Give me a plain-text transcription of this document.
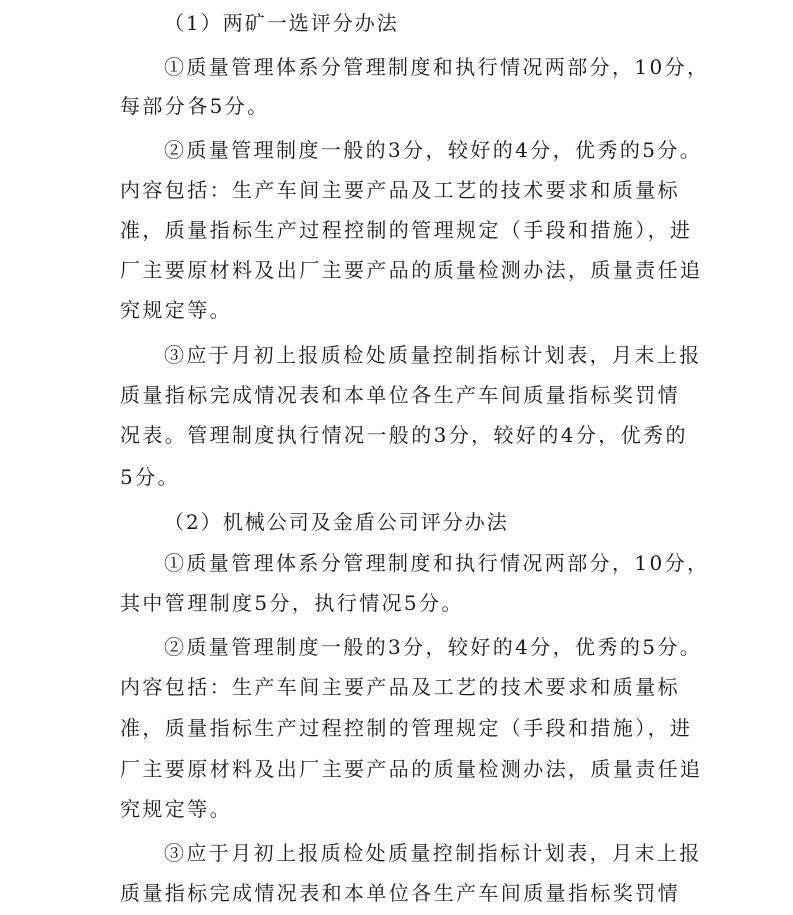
（1）两矿一选评分办法
①质量管理体系分管理制度和执行情况两部分，10分，
每部分各5分。
②质量管理制度一般的3分，较好的4分，优秀的5分。
内容包括：生产车间主要产品及工艺的技术要求和质量标
准，质量指标生产过程控制的管理规定（手段和措施），进
厂主要原材料及出厂主要产品的质量检测办法，质量责任追
究规定等。
③应于月初上报质检处质量控制指标计划表，月末上报
质量指标完成情况表和本单位各生产车间质量指标奖罚情
况表。管理制度执行情况一般的3分，较好的4分，优秀的
5分。
（2）机械公司及金盾公司评分办法
①质量管理体系分管理制度和执行情况两部分，10分，
其中管理制度5分，执行情况5分。
②质量管理制度一般的3分，较好的4分，优秀的5分。
内容包括：生产车间主要产品及工艺的技术要求和质量标
准，质量指标生产过程控制的管理规定（手段和措施），进
厂主要原材料及出厂主要产品的质量检测办法，质量责任追
究规定等。
③应于月初上报质检处质量控制指标计划表，月末上报
质量指标完成情况表和本单位各生产车间质量指标奖罚情
